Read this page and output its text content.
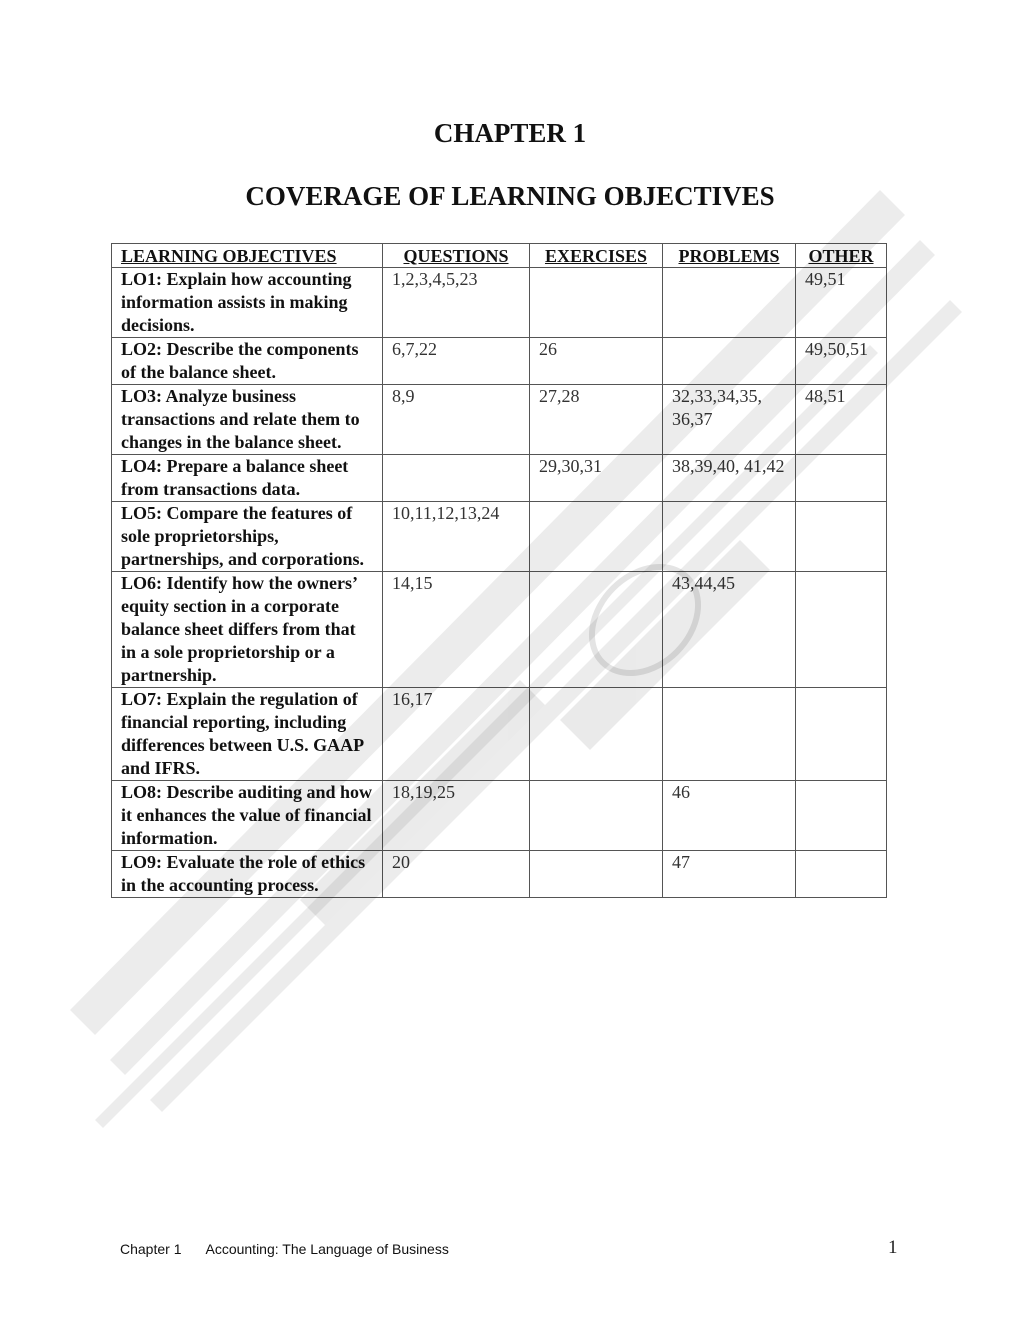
CHAPTER 1
COVERAGE OF LEARNING OBJECTIVES
LEARNING OBJECTIVES	QUESTIONS	EXERCISES	PROBLEMS	OTHER
LO1: Explain how accounting information assists in making decisions.	1,2,3,4,5,23			49,51
LO2: Describe the components of the balance sheet.	6,7,22	26		49,50,51
LO3: Analyze business transactions and relate them to changes in the balance sheet.	8,9	27,28	32,33,34,35, 36,37	48,51
LO4: Prepare a balance sheet from transactions data.		29,30,31	38,39,40, 41,42	
LO5: Compare the features of sole proprietorships, partnerships, and corporations.	10,11,12,13,24			
LO6: Identify how the owners’ equity section in a corporate balance sheet differs from that in a sole proprietorship or a partnership.	14,15		43,44,45	
LO7: Explain the regulation of financial reporting, including differences between U.S. GAAP and IFRS.	16,17			
LO8: Describe auditing and how it enhances the value of financial information.	18,19,25		46	
LO9: Evaluate the role of ethics in the accounting process.	20		47	
Chapter 1 Accounting: The Language of Business	1
